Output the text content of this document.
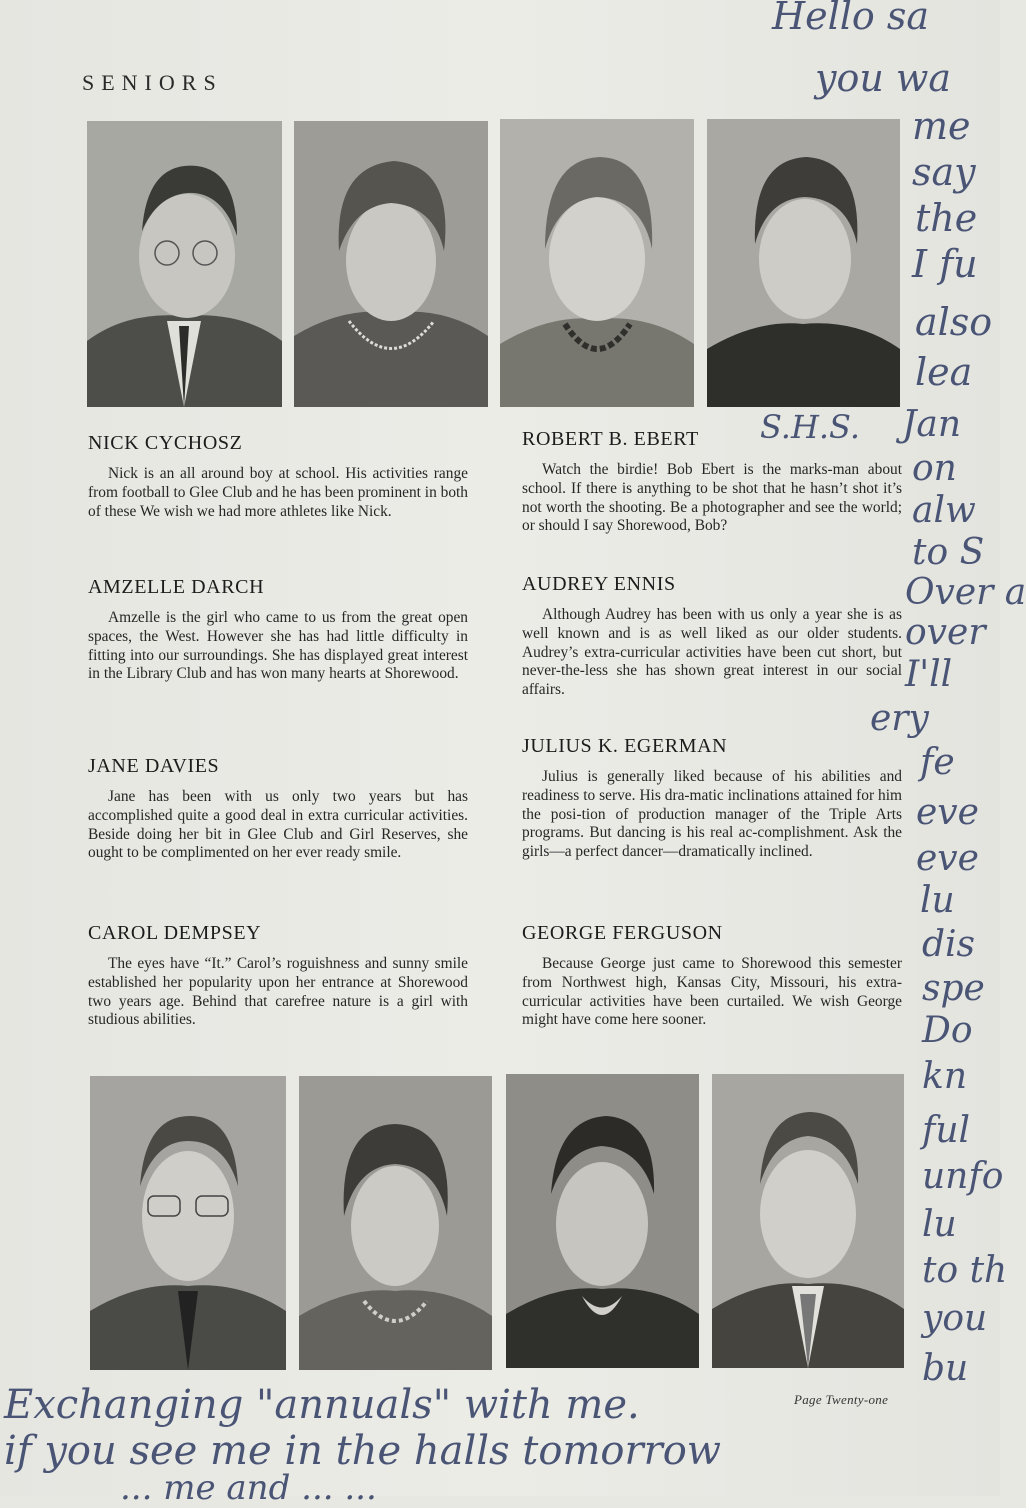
SENIORS
NICK CYCHOSZ

Nick is an all around boy at school. His activities range from football to Glee Club and he has been prominent in both of these We wish we had more athletes like Nick.

AMZELLE DARCH

Amzelle is the girl who came to us from the great open spaces, the West. However she has had little difficulty in fitting into our surroundings. She has displayed great interest in the Library Club and has won many hearts at Shorewood.

JANE DAVIES

Jane has been with us only two years but has accomplished quite a good deal in extra curricular activities. Beside doing her bit in Glee Club and Girl Reserves, she ought to be complimented on her ever ready smile.

CAROL DEMPSEY

The eyes have “It.” Carol’s roguishness and sunny smile established her popularity upon her entrance at Shorewood two years age. Behind that carefree nature is a girl with studious abilities.

ROBERT B. EBERT

Watch the birdie! Bob Ebert is the marks-man about school. If there is anything to be shot that he hasn’t shot it’s not worth the shooting. Be a photographer and see the world; or should I say Shorewood, Bob?

AUDREY ENNIS

Although Audrey has been with us only a year she is as well known and is as well liked as our older students. Audrey’s extra-curricular activities have been cut short, but never-the-less she has shown great interest in our social affairs.

JULIUS K. EGERMAN

Julius is generally liked because of his abilities and readiness to serve. His dra-matic inclinations attained for him the posi-tion of production manager of the Triple Arts programs. But dancing is his real ac-complishment. Ask the girls—a perfect dancer—dramatically inclined.

GEORGE FERGUSON

Because George just came to Shorewood this semester from Northwest high, Kansas City, Missouri, his extra-curricular activities have been curtailed. We wish George might have come here sooner.

Page Twenty-one
Hello sa
you wa
me
say
the
I fu
also
lea
S.H.S. Jan
on
alw
to S
Over a
over
I'll
ery
fe
eve
eve
lu
dis
spe
Do
kn
ful
unfo
lu
to th
you
bu
Exchanging "annuals" with me.
if you see me in the halls tomorrow
... me and ... ...
